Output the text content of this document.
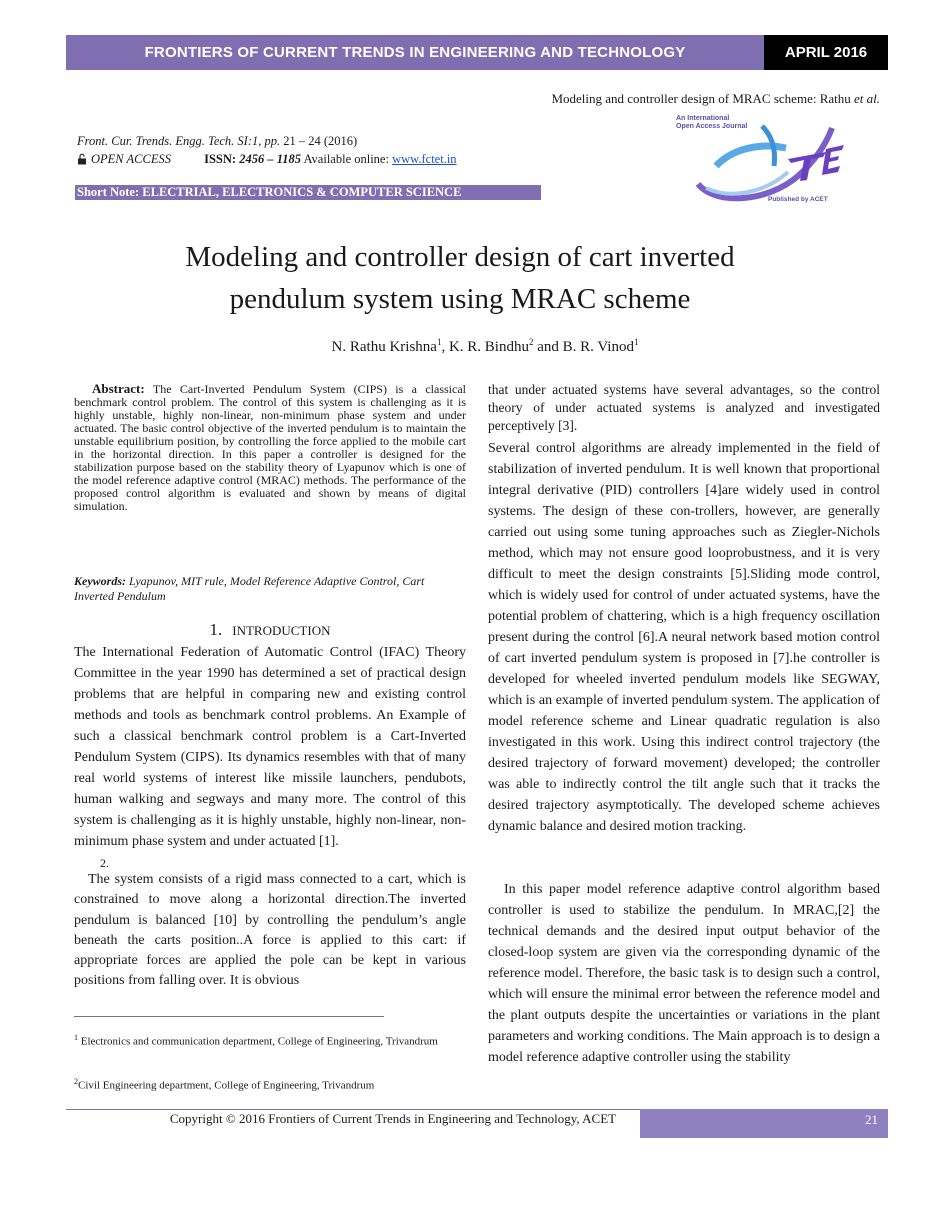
FRONTIERS OF CURRENT TRENDS IN ENGINEERING AND TECHNOLOGY	APRIL 2016
Modeling and controller design of MRAC scheme: Rathu et al.
Front. Cur. Trends. Engg. Tech. SI:1, pp. 21 – 24 (2016)
OPEN ACCESS	ISSN: 2456 – 1185 Available online: www.fctet.in
Short Note: ELECTRIAL, ELECTRONICS & COMPUTER SCIENCE
An International
Open Access Journal
Published by ACET
Modeling and controller design of cart inverted
pendulum system using MRAC scheme
N. Rathu Krishna$^1$, K. R. Bindhu$^2$ and B. R. Vinod$^1$
Abstract: The Cart-Inverted Pendulum System (CIPS) is a classical benchmark control problem. The control of this system is challenging as it is highly unstable, highly non-linear, non-minimum phase system and under actuated. The basic control objective of the inverted pendulum is to maintain the unstable equilibrium position, by controlling the force applied to the mobile cart in the horizontal direction. In this paper a controller is designed for the stabilization purpose based on the stability theory of Lyapunov which is one of the model reference adaptive control (MRAC) methods. The performance of the proposed control algorithm is evaluated and shown by means of digital simulation.
Keywords: Lyapunov, MIT rule, Model Reference Adaptive Control, Cart Inverted Pendulum
1. INTRODUCTION
The International Federation of Automatic Control (IFAC) Theory Committee in the year 1990 has determined a set of practical design problems that are helpful in comparing new and existing control methods and tools as benchmark control problems. An Example of such a classical benchmark control problem is a Cart-Inverted Pendulum System (CIPS). Its dynamics resembles with that of many real world systems of interest like missile launchers, pendubots, human walking and segways and many more. The control of this system is challenging as it is highly unstable, highly non-linear, non-minimum phase system and under actuated [1].
2.
The system consists of a rigid mass connected to a cart, which is constrained to move along a horizontal direction.The inverted pendulum is balanced [10] by controlling the pendulum’s angle beneath the carts position..A force is applied to this cart: if appropriate forces are applied the pole can be kept in various positions from falling over. It is obvious
$^1$ Electronics and communication department, College of Engineering, Trivandrum
$^2$Civil Engineering department, College of Engineering, Trivandrum
that under actuated systems have several advantages, so the control theory of under actuated systems is analyzed and investigated perceptively [3].
Several control algorithms are already implemented in the field of stabilization of inverted pendulum. It is well known that proportional integral derivative (PID) controllers [4]are widely used in control systems. The design of these con-trollers, however, are generally carried out using some tuning approaches such as Ziegler-Nichols method, which may not ensure good looprobustness, and it is very difficult to meet the design constraints [5].Sliding mode control, which is widely used for control of under actuated systems, have the potential problem of chattering, which is a high frequency oscillation present during the control [6].A neural network based motion control of cart inverted pendulum system is proposed in [7].he controller is developed for wheeled inverted pendulum models like SEGWAY, which is an example of inverted pendulum system. The application of model reference scheme and Linear quadratic regulation is also investigated in this work. Using this indirect control trajectory (the desired trajectory of forward movement) developed; the controller was able to indirectly control the tilt angle such that it tracks the desired trajectory asymptotically. The developed scheme achieves dynamic balance and desired motion tracking.
In this paper model reference adaptive control algorithm based controller is used to stabilize the pendulum. In MRAC,[2] the technical demands and the desired input output behavior of the closed-loop system are given via the corresponding dynamic of the reference model. Therefore, the basic task is to design such a control, which will ensure the minimal error between the reference model and the plant outputs despite the uncertainties or variations in the plant parameters and working conditions. The Main approach is to design a model reference adaptive controller using the stability
Copyright © 2016 Frontiers of Current Trends in Engineering and Technology, ACET	21
